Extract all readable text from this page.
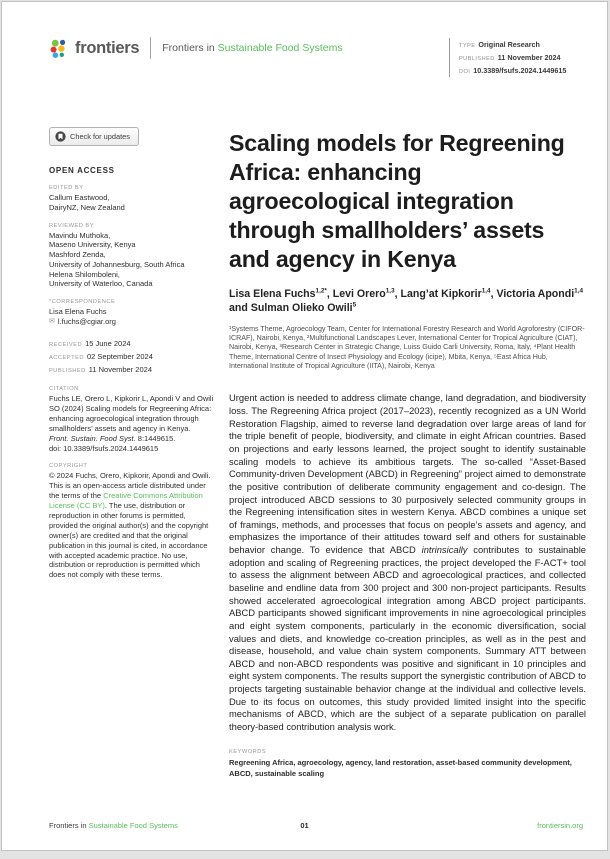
frontiers Frontiers in Sustainable Food Systems	TYPE Original Research
PUBLISHED 11 November 2024
DOI 10.3389/fsufs.2024.1449615
Check for updates
OPEN ACCESS
EDITED BY
Callum Eastwood,
DairyNZ, New Zealand
REVIEWED BY
Mavindu Muthoka,
Maseno University, Kenya
Mashford Zenda,
University of Johannesburg, South Africa
Helena Shilomboleni,
University of Waterloo, Canada
*CORRESPONDENCE
Lisa Elena Fuchs
✉ l.fuchs@cgiar.org
RECEIVED 15 June 2024
ACCEPTED 02 September 2024
PUBLISHED 11 November 2024
CITATION

Fuchs LE, Orero L, Kipkorir L, Apondi V and Owili SO (2024) Scaling models for Regreening Africa: enhancing agroecological integration through smallholders’ assets and agency in Kenya.
Front. Sustain. Food Syst. 8:1449615.
doi: 10.3389/fsufs.2024.1449615

COPYRIGHT

© 2024 Fuchs, Orero, Kipkorir, Apondi and Owili. This is an open-access article distributed under the terms of the Creative Commons Attribution License (CC BY). The use, distribution or reproduction in other forums is permitted, provided the original author(s) and the copyright owner(s) are credited and that the original publication in this journal is cited, in accordance with accepted academic practice. No use, distribution or reproduction is permitted which does not comply with these terms.

Scaling models for Regreening Africa: enhancing agroecological integration through smallholders’ assets and agency in Kenya

Lisa Elena Fuchs$^{1,2*}$, Levi Orero$^{1,3}$, Lang’at Kipkorir$^{1,4}$, Victoria Apondi$^{1,4}$ and Sulman Olieko Owili$^5$

¹Systems Theme, Agroecology Team, Center for International Forestry Research and World Agroforestry (CIFOR-ICRAF), Nairobi, Kenya, ²Multifunctional Landscapes Lever, International Center for Tropical Agriculture (CIAT), Nairobi, Kenya, ³Research Center in Strategic Change, Luiss Guido Carli University, Roma, Italy, ⁴Plant Health Theme, International Centre of Insect Physiology and Ecology (icipe), Mbita, Kenya, ⁵East Africa Hub, International Institute of Tropical Agriculture (IITA), Nairobi, Kenya

Urgent action is needed to address climate change, land degradation, and biodiversity loss. The Regreening Africa project (2017–2023), recently recognized as a UN World Restoration Flagship, aimed to reverse land degradation over large areas of land for the triple benefit of people, biodiversity, and climate in eight African countries. Based on projections and early lessons learned, the project sought to identify sustainable scaling models to achieve its ambitious targets. The so-called “Asset-Based Community-driven Development (ABCD) in Regreening” project aimed to demonstrate the positive contribution of deliberate community engagement and co-design. The project introduced ABCD sessions to 30 purposively selected community groups in the Regreening intensification sites in western Kenya. ABCD combines a unique set of framings, methods, and processes that focus on people’s assets and agency, and emphasizes the importance of their attitudes toward self and others for sustainable behavior change. To evidence that ABCD intrinsically contributes to sustainable adoption and scaling of Regreening practices, the project developed the F-ACT+ tool to assess the alignment between ABCD and agroecological practices, and collected baseline and endline data from 300 project and 300 non-project participants. Results showed accelerated agroecological integration among ABCD project participants. ABCD participants showed significant improvements in nine agroecological principles and eight system components, particularly in the economic diversification, social values and diets, and knowledge co-creation principles, as well as in the pest and disease, household, and value chain system components. Summary ATT between ABCD and non-ABCD respondents was positive and significant in 10 principles and eight system components. The results support the synergistic contribution of ABCD to projects targeting sustainable behavior change at the individual and collective levels. Due to its focus on outcomes, this study provided limited insight into the specific mechanisms of ABCD, which are the subject of a separate publication on parallel theory-based contribution analysis work.

KEYWORDS
Regreening Africa, agroecology, agency, land restoration, asset-based community development, ABCD, sustainable scaling
Frontiers in Sustainable Food Systems	01	frontiersin.org
